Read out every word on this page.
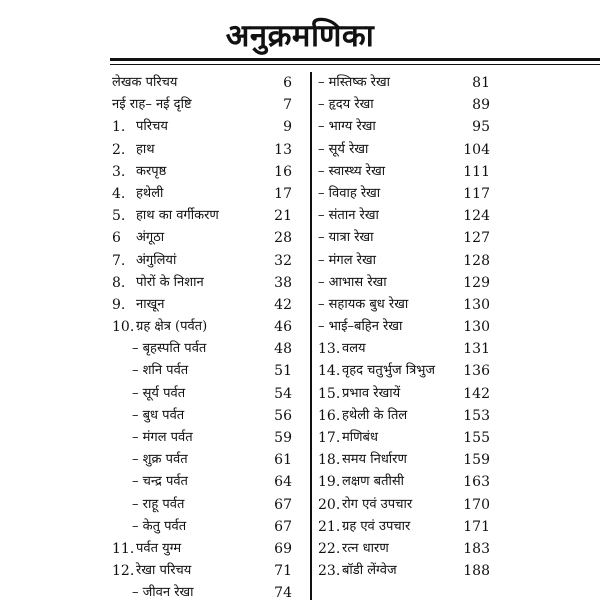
अनुक्रमणिका
लेखक परिचय	6
नई राह– नई दृष्टि	7
1. परिचय	9
2. हाथ	13
3. करपृष्ठ	16
4. हथेली	17
5. हाथ का वर्गीकरण	21
6 अंगूठा	28
7. अंगुलियां	32
8. पोरों के निशान	38
9. नाखून	42
10. ग्रह क्षेत्र (पर्वत)	46
– बृहस्पति पर्वत	48
– शनि पर्वत	51
– सूर्य पर्वत	54
– बुध पर्वत	56
– मंगल पर्वत	59
– शुक्र पर्वत	61
– चन्द्र पर्वत	64
– राहू पर्वत	67
– केतु पर्वत	67
11. पर्वत युग्म	69
12. रेखा परिचय	71
– जीवन रेखा	74
– मस्तिष्क रेखा	81
– हृदय रेखा	89
– भाग्य रेखा	95
– सूर्य रेखा	104
– स्वास्थ्य रेखा	111
– विवाह रेखा	117
– संतान रेखा	124
– यात्रा रेखा	127
– मंगल रेखा	128
– आभास रेखा	129
– सहायक बुध रेखा	130
– भाई–बहिन रेखा	130
13. वलय	131
14. वृहद चतुर्भुज त्रिभुज 136
15. प्रभाव रेखायें	142
16. हथेली के तिल	153
17. मणिबंध	155
18. समय निर्धारण	159
19. लक्षण बतीसी	163
20. रोग एवं उपचार	170
21. ग्रह एवं उपचार	171
22. रत्न धारण	183
23. बॉडी लेंग्वेज	188
